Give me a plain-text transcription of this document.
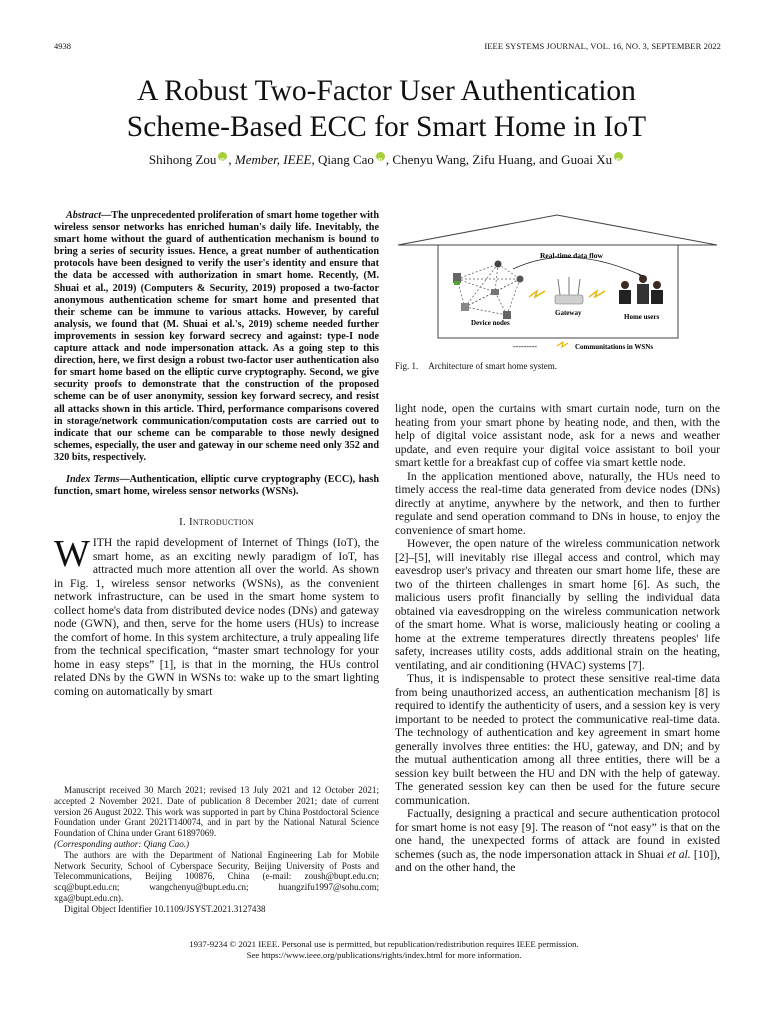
4938	IEEE SYSTEMS JOURNAL, VOL. 16, NO. 3, SEPTEMBER 2022
A Robust Two-Factor User Authentication
Scheme-Based ECC for Smart Home in IoT
Shihong Zou iD , Member, IEEE, Qiang Cao iD , Chenyu Wang, Zifu Huang, and Guoai XuiD

Abstract—The unprecedented proliferation of smart home together with wireless sensor networks has enriched human's daily life. Inevitably, the smart home without the guard of authentication mechanism is bound to bring a series of security issues. Hence, a great number of authentication protocols have been designed to verify the user's identity and ensure that the data be accessed with authorization in smart home. Recently, (M. Shuai et al., 2019) (Computers & Security, 2019) proposed a two-factor anonymous authentication scheme for smart home and presented that their scheme can be immune to various attacks. However, by careful analysis, we found that (M. Shuai et al.'s, 2019) scheme needed further improvements in session key forward secrecy and against: type-I node capture attack and node impersonation attack. As a going step to this direction, here, we first design a robust two-factor user authentication also for smart home based on the elliptic curve cryptography. Second, we give security proofs to demonstrate that the construction of the proposed scheme can be of user anonymity, session key forward secrecy, and resist all attacks shown in this article. Third, performance comparisons covered in storage/network communication/computation costs are carried out to indicate that our scheme can be comparable to those newly designed schemes, especially, the user and gateway in our scheme need only 352 and 320 bits, respectively.

Index Terms—Authentication, elliptic curve cryptography (ECC), hash function, smart home, wireless sensor networks (WSNs).

I. Introduction
WITH the rapid development of Internet of Things (IoT), the smart home, as an exciting newly paradigm of IoT, has attracted much more attention all over the world. As shown in Fig. 1, wireless sensor networks (WSNs), as the convenient network infrastructure, can be used in the smart home system to collect home's data from distributed device nodes (DNs) and gateway node (GWN), and then, serve for the home users (HUs) to increase the comfort of home. In this system architecture, a truly appealing life from the technical specification, “master smart technology for your home in easy steps” [1], is that in the morning, the HUs control related DNs by the GWN in WSNs to: wake up to the smart lighting coming on automatically by smart

Manuscript received 30 March 2021; revised 13 July 2021 and 12 October 2021; accepted 2 November 2021. Date of publication 8 December 2021; date of current version 26 August 2022. This work was supported in part by China Postdoctoral Science Foundation under Grant 2021T140074, and in part by the National Natural Science Foundation of China under Grant 61897069.

(Corresponding author: Qiang Cao.)

The authors are with the Department of National Engineering Lab for Mobile Network Security, School of Cyberspace Security, Beijing University of Posts and Telecommunications, Beijing 100876, China (e-mail: zoush@bupt.edu.cn; scq@bupt.edu.cn; wangchenyu@bupt.edu.cn; huangzifu1997@sohu.com; xga@bupt.edu.cn).

Digital Object Identifier 10.1109/JSYST.2021.3127438

Real-time data flow
Gateway	Home users
Device nodes
---------	Communitations in WSNs
Fig. 1. Architecture of smart home system.

light node, open the curtains with smart curtain node, turn on the heating from your smart phone by heating node, and then, with the help of digital voice assistant node, ask for a news and weather update, and even require your digital voice assistant to boil your smart kettle for a breakfast cup of coffee via smart kettle node.

In the application mentioned above, naturally, the HUs need to timely access the real-time data generated from device nodes (DNs) directly at anytime, anywhere by the network, and then to further regulate and send operation command to DNs in house, to enjoy the convenience of smart home.

However, the open nature of the wireless communication network [2]–[5], will inevitably rise illegal access and control, which may eavesdrop user's privacy and threaten our smart home life, these are two of the thirteen challenges in smart home [6]. As such, the malicious users profit financially by selling the individual data obtained via eavesdropping on the wireless communication network of the smart home. What is worse, maliciously heating or cooling a home at the extreme temperatures directly threatens peoples' life safety, increases utility costs, adds additional strain on the heating, ventilating, and air conditioning (HVAC) systems [7].

Thus, it is indispensable to protect these sensitive real-time data from being unauthorized access, an authentication mechanism [8] is required to identify the authenticity of users, and a session key is very important to be needed to protect the communicative real-time data. The technology of authentication and key agreement in smart home generally involves three entities: the HU, gateway, and DN; and by the mutual authentication among all three entities, there will be a session key built between the HU and DN with the help of gateway. The generated session key can then be used for the future secure communication.

Factually, designing a practical and secure authentication protocol for smart home is not easy [9]. The reason of “not easy” is that on the one hand, the unexpected forms of attack are found in existed schemes (such as, the node impersonation attack in Shuai et al. [10]), and on the other hand, the

1937-9234 © 2021 IEEE. Personal use is permitted, but republication/redistribution requires IEEE permission.
See https://www.ieee.org/publications/rights/index.html for more information.
